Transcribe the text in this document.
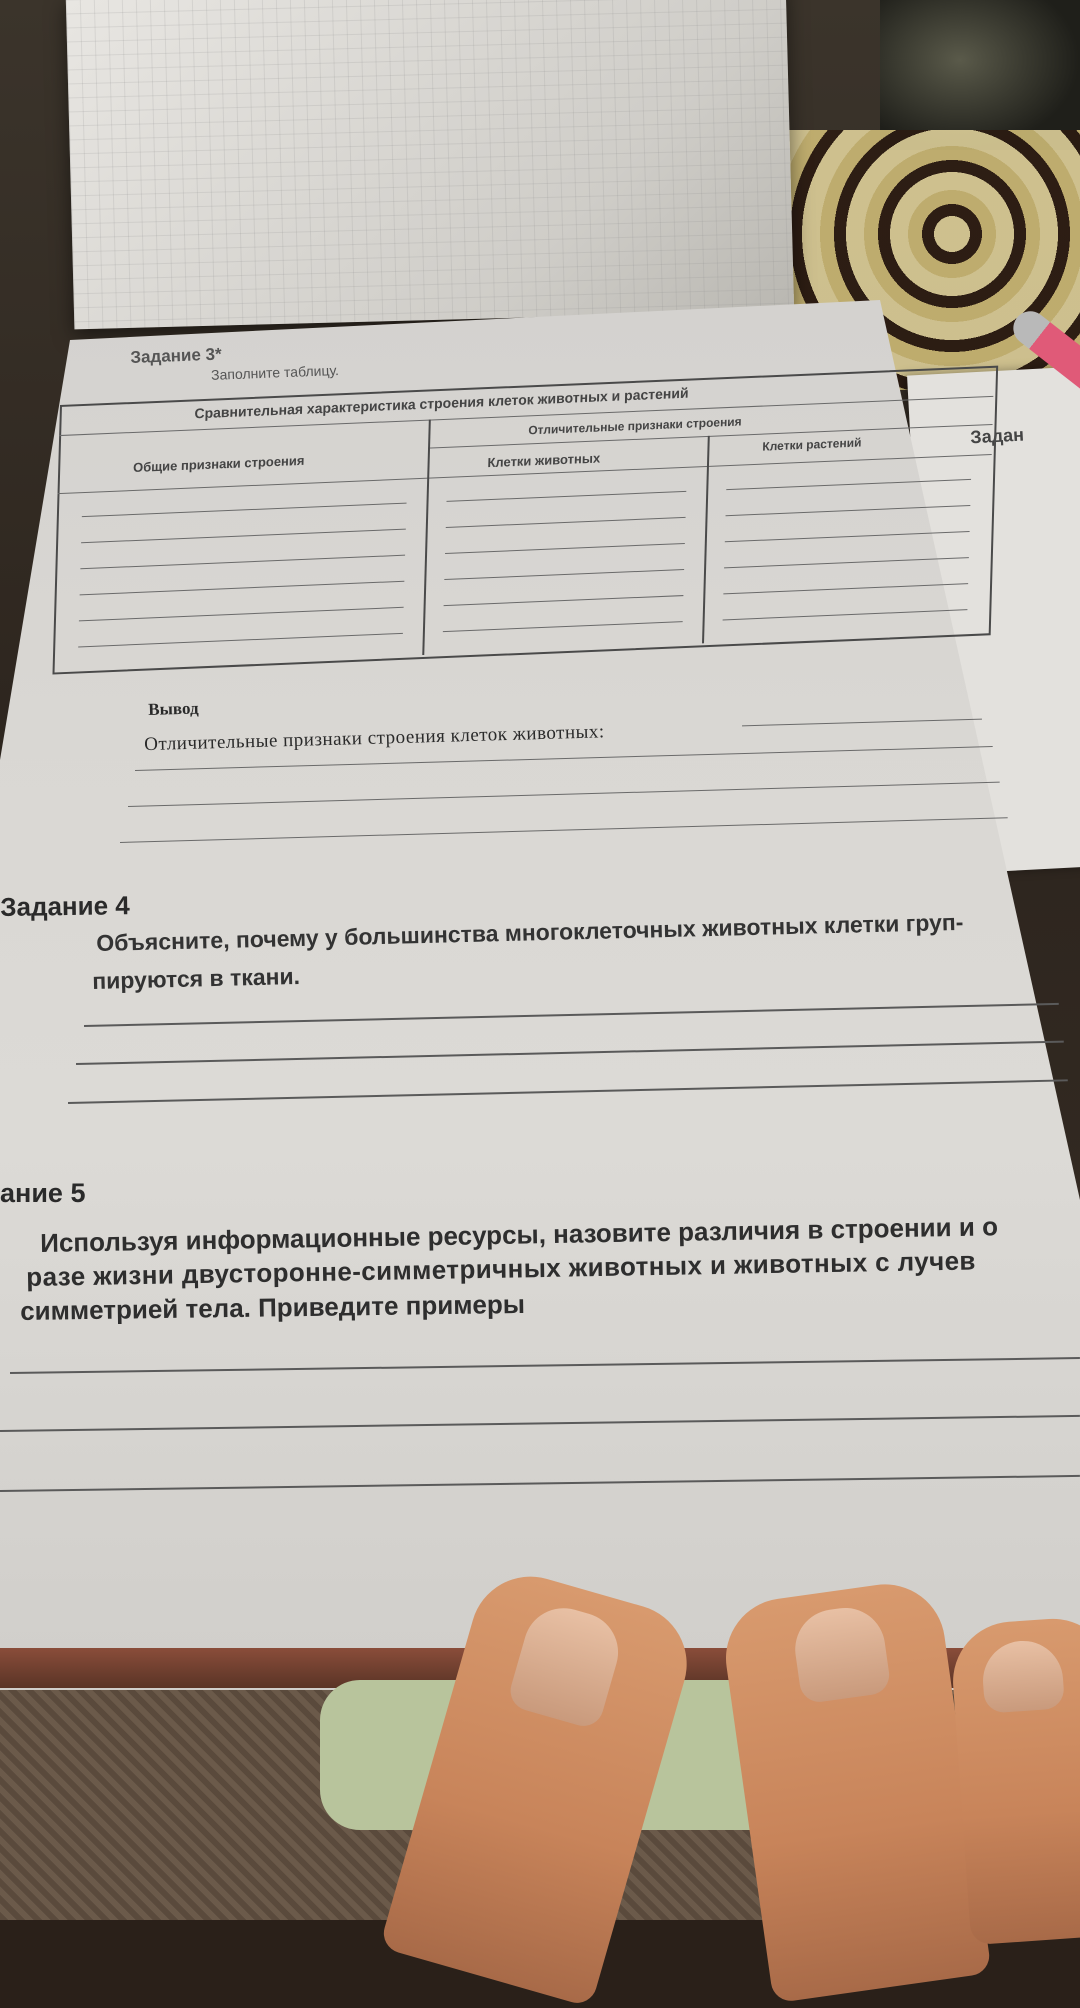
Задан
Задание 3*
Заполните таблицу.
Сравнительная характеристика строения клеток животных и растений
Отличительные признаки строения
Общие признаки строения	Клетки животных
Клетки растений
Вывод
Отличительные признаки строения клеток животных:
Задание 4
Объясните, почему у большинства многоклеточных животных клетки груп-
пируются в ткани.
ание 5
Используя информационные ресурсы, назовите различия в строении и о
разе жизни двусторонне-симметричных животных и животных с лучев
симметрией тела. Приведите примеры
